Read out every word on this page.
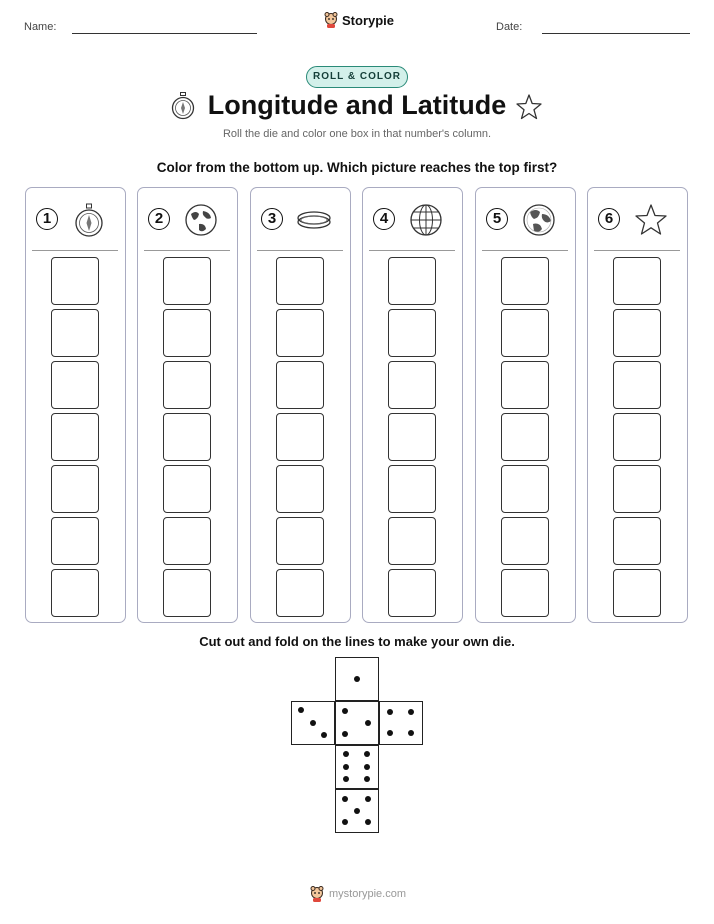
Name:	Storypie	Date:
ROLL & COLOR
Longitude and Latitude
Roll the die and color one box in that number's column.
Color from the bottom up. Which picture reaches the top first?
1	2	3	4	5	6
Cut out and fold on the lines to make your own die.
mystorypie.com
